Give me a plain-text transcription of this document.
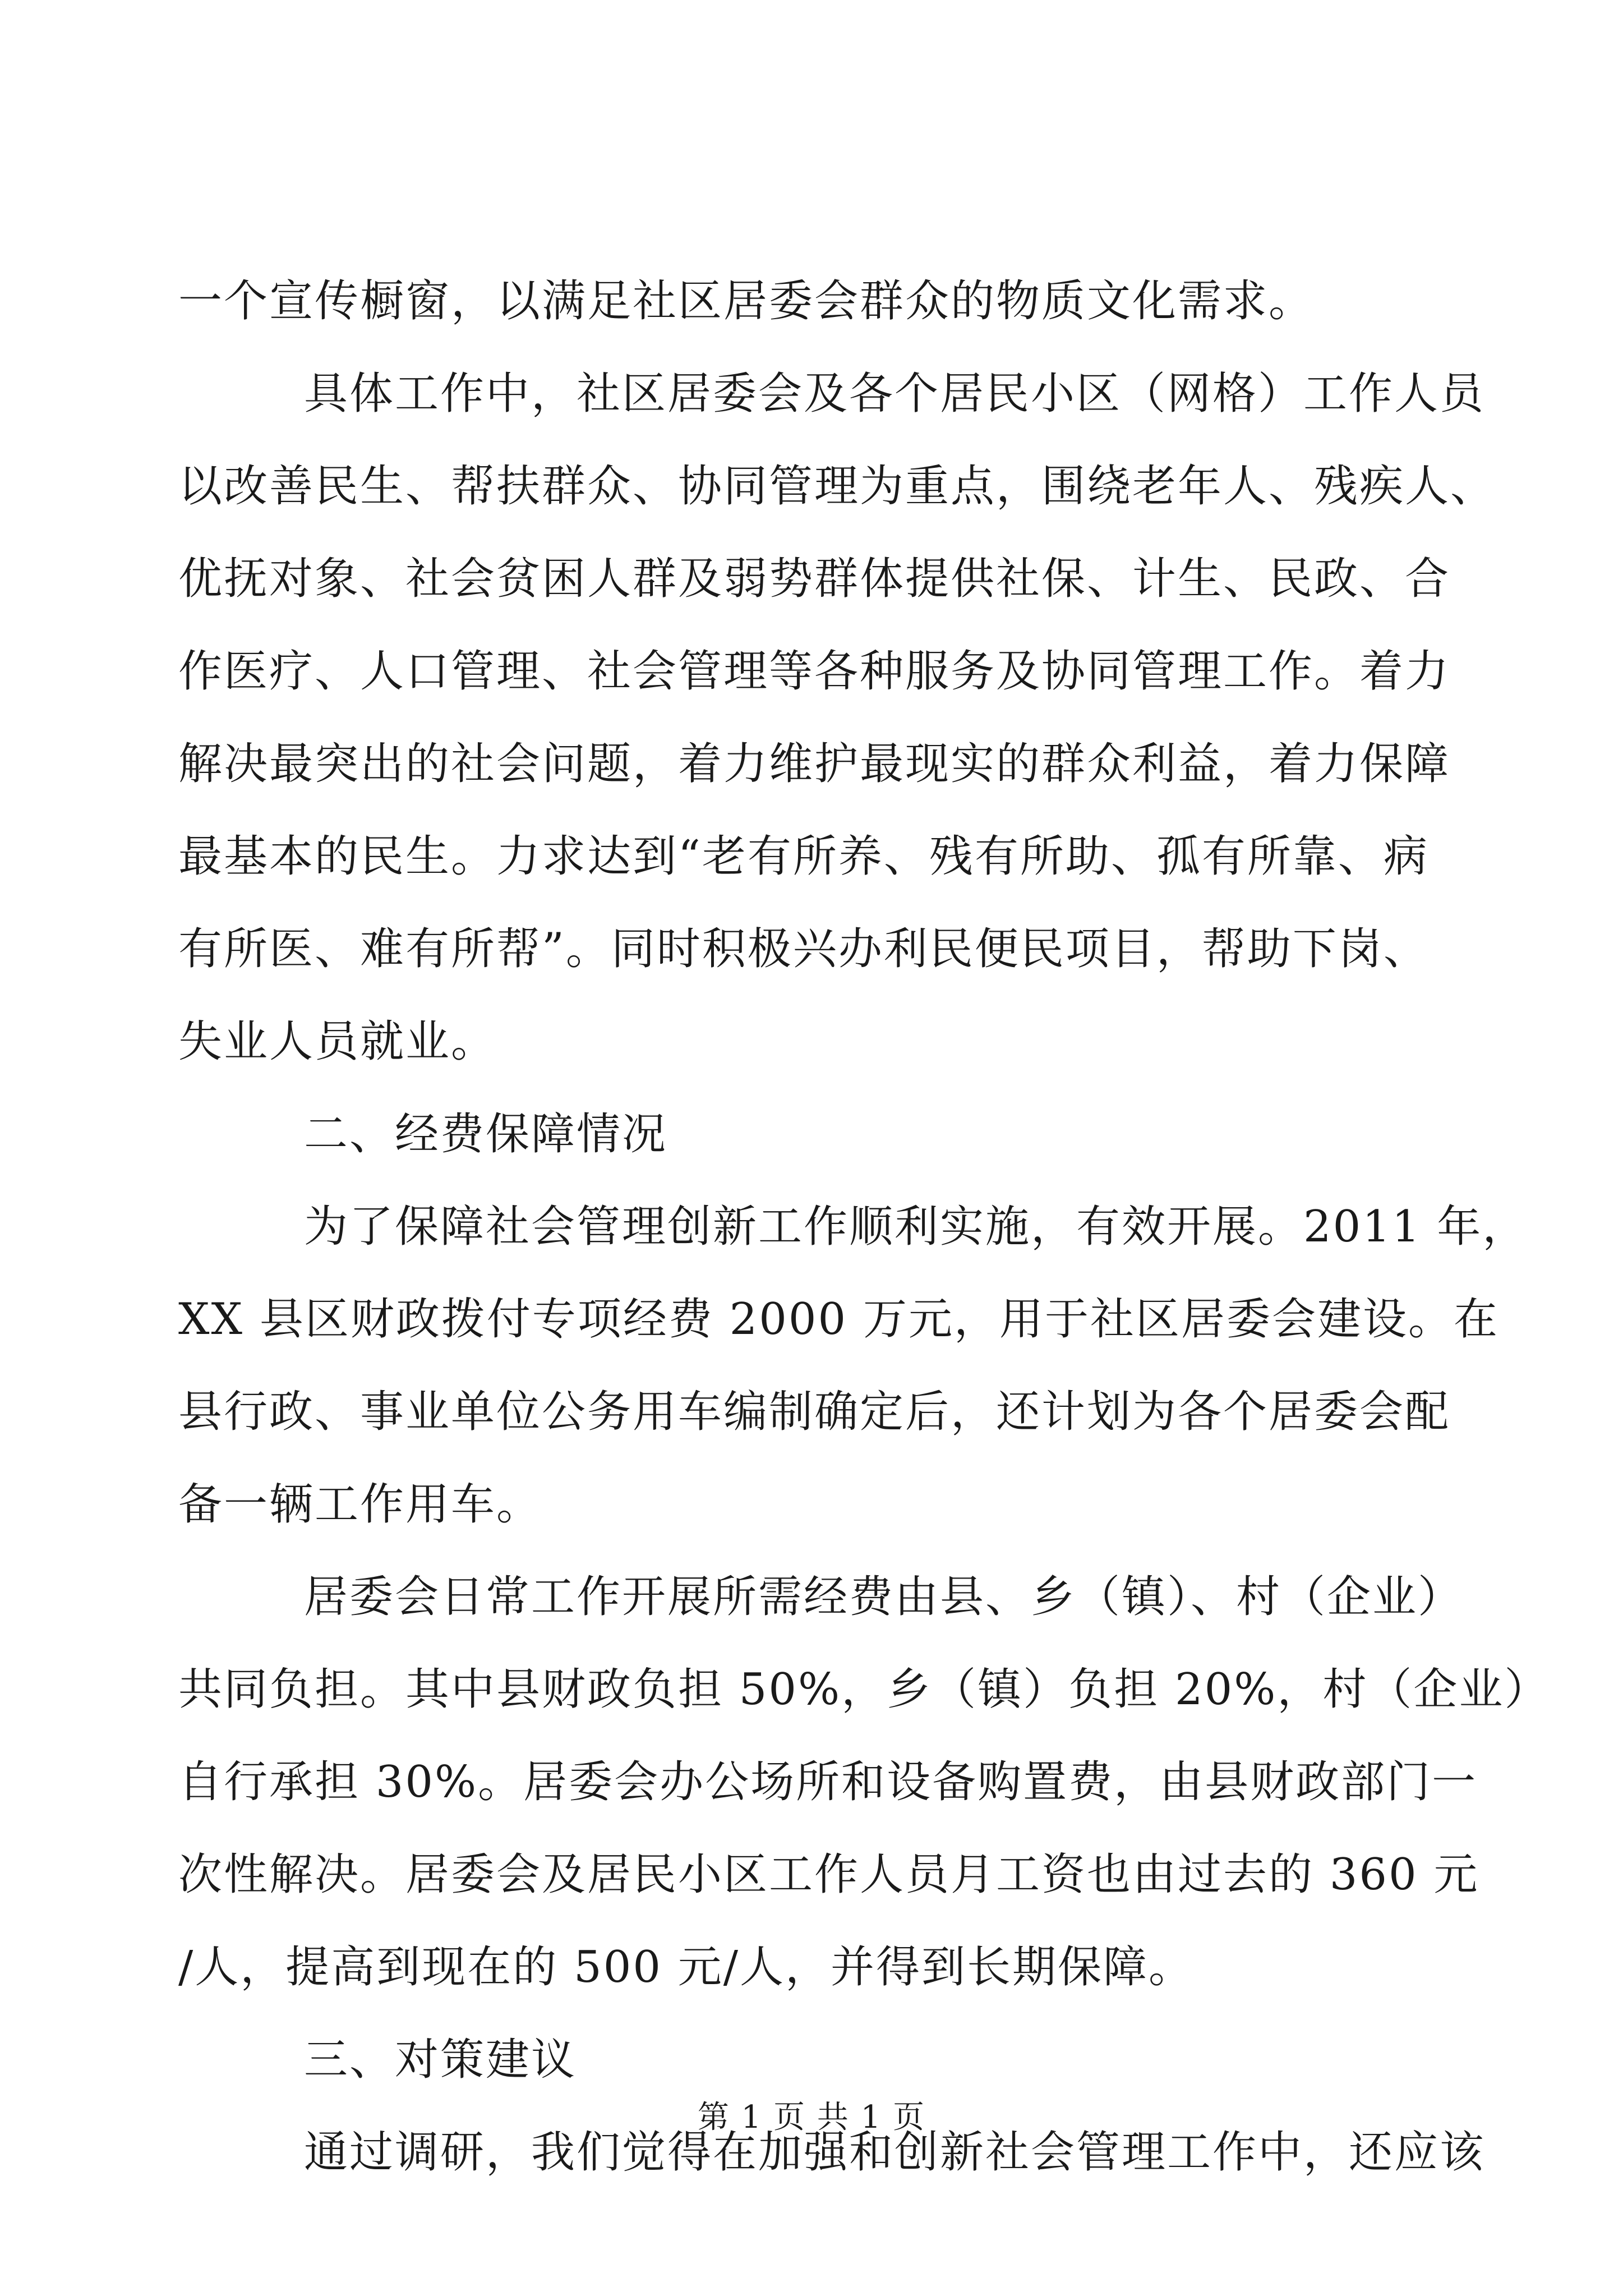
一个宣传橱窗，以满足社区居委会群众的物质文化需求。
具体工作中，社区居委会及各个居民小区（网格）工作人员
以改善民生、帮扶群众、协同管理为重点，围绕老年人、残疾人、
优抚对象、社会贫困人群及弱势群体提供社保、计生、民政、合
作医疗、人口管理、社会管理等各种服务及协同管理工作。着力
解决最突出的社会问题，着力维护最现实的群众利益，着力保障
最基本的民生。力求达到“老有所养、残有所助、孤有所靠、病
有所医、难有所帮”。同时积极兴办利民便民项目，帮助下岗、
失业人员就业。
二、经费保障情况
为了保障社会管理创新工作顺利实施，有效开展。2011 年，
XX 县区财政拨付专项经费 2000 万元，用于社区居委会建设。在
县行政、事业单位公务用车编制确定后，还计划为各个居委会配
备一辆工作用车。
居委会日常工作开展所需经费由县、乡（镇）、村（企业）
共同负担。其中县财政负担 50%，乡（镇）负担 20%，村（企业）
自行承担 30%。居委会办公场所和设备购置费，由县财政部门一
次性解决。居委会及居民小区工作人员月工资也由过去的 360 元
/人，提高到现在的 500 元/人，并得到长期保障。
三、对策建议
通过调研，我们觉得在加强和创新社会管理工作中，还应该
第 1 页 共 1 页
